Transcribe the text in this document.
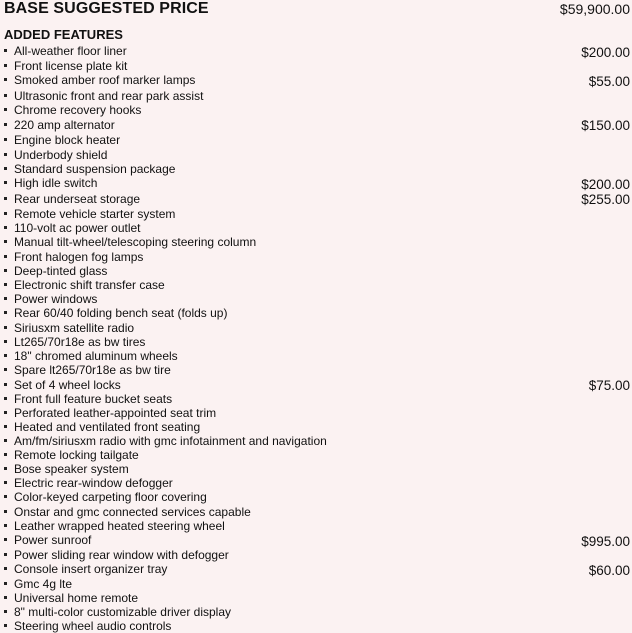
BASE SUGGESTED PRICE	$59,900.00
ADDED FEATURES
All-weather floor liner	$200.00
Front license plate kit
Smoked amber roof marker lamps	$55.00
Ultrasonic front and rear park assist
Chrome recovery hooks
220 amp alternator	$150.00
Engine block heater
Underbody shield
Standard suspension package
High idle switch	$200.00
Rear underseat storage	$255.00
Remote vehicle starter system
110-volt ac power outlet
Manual tilt-wheel/telescoping steering column
Front halogen fog lamps
Deep-tinted glass
Electronic shift transfer case
Power windows
Rear 60/40 folding bench seat (folds up)
Siriusxm satellite radio
Lt265/70r18e as bw tires
18" chromed aluminum wheels
Spare lt265/70r18e as bw tire
Set of 4 wheel locks	$75.00
Front full feature bucket seats
Perforated leather-appointed seat trim
Heated and ventilated front seating
Am/fm/siriusxm radio with gmc infotainment and navigation
Remote locking tailgate
Bose speaker system
Electric rear-window defogger
Color-keyed carpeting floor covering
Onstar and gmc connected services capable
Leather wrapped heated steering wheel
Power sunroof	$995.00
Power sliding rear window with defogger
Console insert organizer tray	$60.00
Gmc 4g lte
Universal home remote
8" multi-color customizable driver display
Steering wheel audio controls
